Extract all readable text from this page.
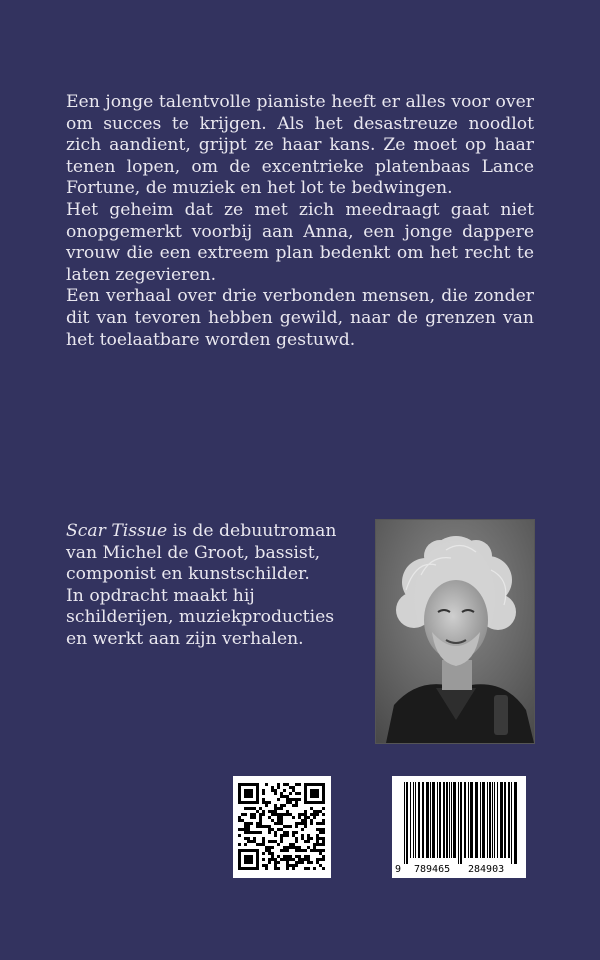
Een jonge talentvolle pianiste heeft er alles voor over om succes te krijgen. Als het desastreuze noodlot zich aandient, grijpt ze haar kans. Ze moet op haar tenen lopen, om de excentrieke platenbaas Lance Fortune, de muziek en het lot te bedwingen.

Het geheim dat ze met zich meedraagt gaat niet onopgemerkt voorbij aan Anna, een jonge dappere vrouw die een extreem plan bedenkt om het recht te laten zegevieren.

Een verhaal over drie verbonden mensen, die zonder dit van tevoren hebben gewild, naar de grenzen van het toelaatbare worden gestuwd.

Scar Tissue is de debuutroman
van Michel de Groot, bassist,
componist en kunstschilder.
In opdracht maakt hij
schilderijen, muziekproducties
en werkt aan zijn verhalen.
9 789465 284903
